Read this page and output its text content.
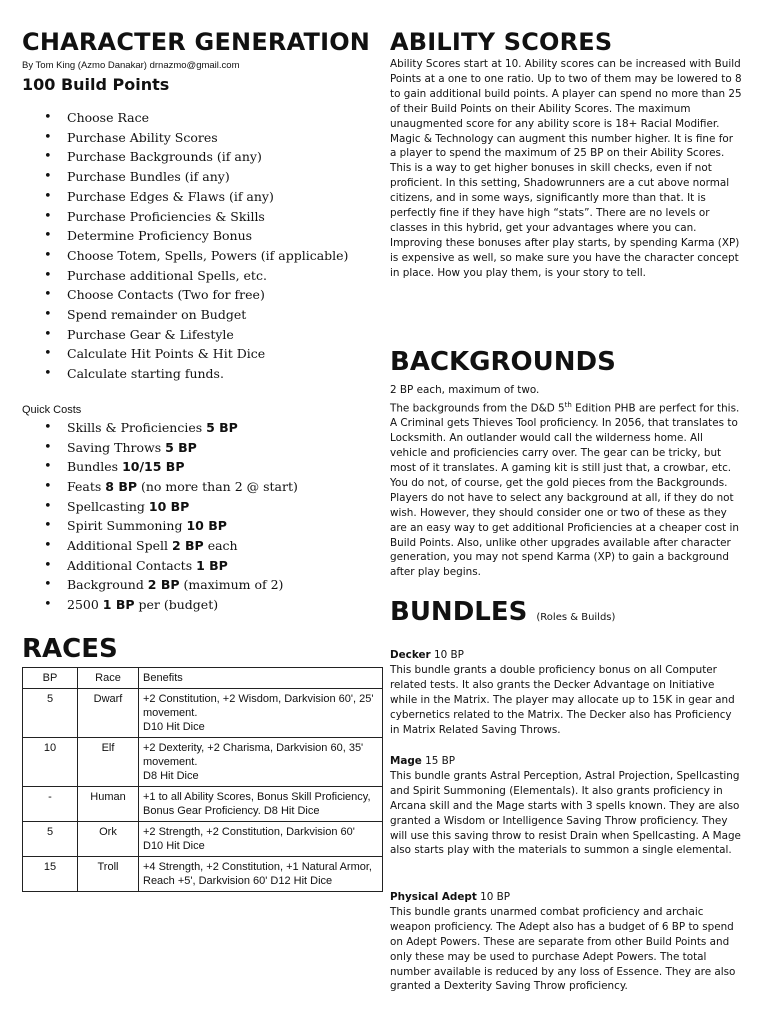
CHARACTER GENERATION
By Tom King (Azmo Danakar) drnazmo@gmail.com
100 Build Points
• Choose Race
• Purchase Ability Scores
• Purchase Backgrounds (if any)
• Purchase Bundles (if any)
• Purchase Edges & Flaws (if any)
• Purchase Proficiencies & Skills
• Determine Proficiency Bonus
• Choose Totem, Spells, Powers (if applicable)
• Purchase additional Spells, etc.
• Choose Contacts (Two for free)
• Spend remainder on Budget
• Purchase Gear & Lifestyle
• Calculate Hit Points & Hit Dice
• Calculate starting funds.
Quick Costs
• Skills & Proficiencies 5 BP
• Saving Throws 5 BP
• Bundles 10/15 BP
• Feats 8 BP (no more than 2 @ start)
• Spellcasting 10 BP
• Spirit Summoning 10 BP
• Additional Spell 2 BP each
• Additional Contacts 1 BP
• Background 2 BP (maximum of 2)
• 2500 1 BP per (budget)
RACES
BP	Race	Benefits
5	Dwarf	+2 Constitution, +2 Wisdom, Darkvision 60', 25' movement.
D10 Hit Dice
10	Elf	+2 Dexterity, +2 Charisma, Darkvision 60, 35' movement.
D8 Hit Dice
-	Human	+1 to all Ability Scores, Bonus Skill Proficiency, Bonus Gear Proficiency. D8 Hit Dice
5	Ork	+2 Strength, +2 Constitution, Darkvision 60' D10 Hit Dice
15	Troll	+4 Strength, +2 Constitution, +1 Natural Armor, Reach +5', Darkvision 60' D12 Hit Dice
ABILITY SCORES

Ability Scores start at 10. Ability scores can be increased with Build Points at a one to one ratio. Up to two of them may be lowered to 8 to gain additional build points. A player can spend no more than 25 of their Build Points on their Ability Scores. The maximum unaugmented score for any ability score is 18+ Racial Modifier. Magic & Technology can augment this number higher. It is fine for a player to spend the maximum of 25 BP on their Ability Scores. This is a way to get higher bonuses in skill checks, even if not proficient. In this setting, Shadowrunners are a cut above normal citizens, and in some ways, significantly more than that. It is perfectly fine if they have high “stats”. There are no levels or classes in this hybrid, get your advantages where you can. Improving these bonuses after play starts, by spending Karma (XP) is expensive as well, so make sure you have the character concept in place. How you play them, is your story to tell.

BACKGROUNDS
2 BP each, maximum of two.
The backgrounds from the D&D 5th Edition PHB are perfect for this. A Criminal gets Thieves Tool proficiency. In 2056, that translates to Locksmith. An outlander would call the wilderness home. All vehicle and proficiencies carry over. The gear can be tricky, but most of it translates. A gaming kit is still just that, a crowbar, etc. You do not, of course, get the gold pieces from the Backgrounds. Players do not have to select any background at all, if they do not wish. However, they should consider one or two of these as they are an easy way to get additional Proficiencies at a cheaper cost in Build Points. Also, unlike other upgrades available after character generation, you may not spend Karma (XP) to gain a background after play begins.
BUNDLES (Roles & Builds)
Decker 10 BP
This bundle grants a double proficiency bonus on all Computer related tests. It also grants the Decker Advantage on Initiative while in the Matrix. The player may allocate up to 15K in gear and cybernetics related to the Matrix. The Decker also has Proficiency in Matrix Related Saving Throws.
Mage 15 BP
This bundle grants Astral Perception, Astral Projection, Spellcasting and Spirit Summoning (Elementals). It also grants proficiency in Arcana skill and the Mage starts with 3 spells known. They are also granted a Wisdom or Intelligence Saving Throw proficiency. They will use this saving throw to resist Drain when Spellcasting. A Mage also starts play with the materials to summon a single elemental.
Physical Adept 10 BP
This bundle grants unarmed combat proficiency and archaic weapon proficiency. The Adept also has a budget of 6 BP to spend on Adept Powers. These are separate from other Build Points and only these may be used to purchase Adept Powers. The total number available is reduced by any loss of Essence. They are also granted a Dexterity Saving Throw proficiency.
